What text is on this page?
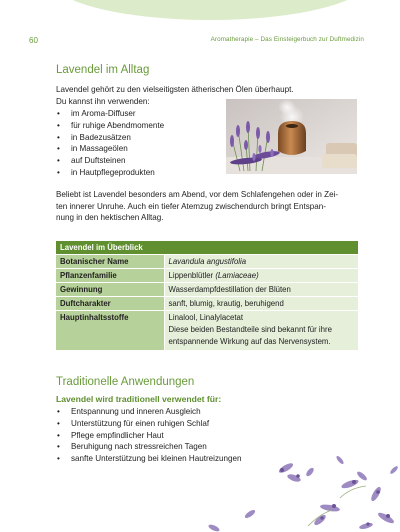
60	Aromatherapie – Das Einsteigerbuch zur Duftmedizin
Lavendel im Alltag

Lavendel gehört zu den vielseitigsten ätherischen Ölen überhaupt.
Du kannst ihn verwenden:

• im Aroma-Diffuser
• für ruhige Abendmomente
• in Badezusätzen
• in Massageölen
• auf Duftsteinen
• in Hautpflegeprodukten

Beliebt ist Lavendel besonders am Abend, vor dem Schlafengehen oder in Zei-
ten innerer Unruhe. Auch ein tiefer Atemzug zwischendurch bringt Entspan-
nung in den hektischen Alltag.

Lavendel im Überblick	
Botanischer Name	Lavandula angustifolia
Pflanzenfamilie	Lippenblütler (Lamiaceae)
Gewinnung	Wasserdampfdestillation der Blüten
Duftcharakter	sanft, blumig, krautig, beruhigend
Hauptinhaltsstoffe	Linalool, Linalylacetat
Diese beiden Bestandteile sind bekannt für ihre
entspannende Wirkung auf das Nervensystem.
Traditionelle Anwendungen
Lavendel wird traditionell verwendet für:
• Entspannung und inneren Ausgleich
• Unterstützung für einen ruhigen Schlaf
• Pflege empfindlicher Haut
• Beruhigung nach stressreichen Tagen
• sanfte Unterstützung bei kleinen Hautreizungen
